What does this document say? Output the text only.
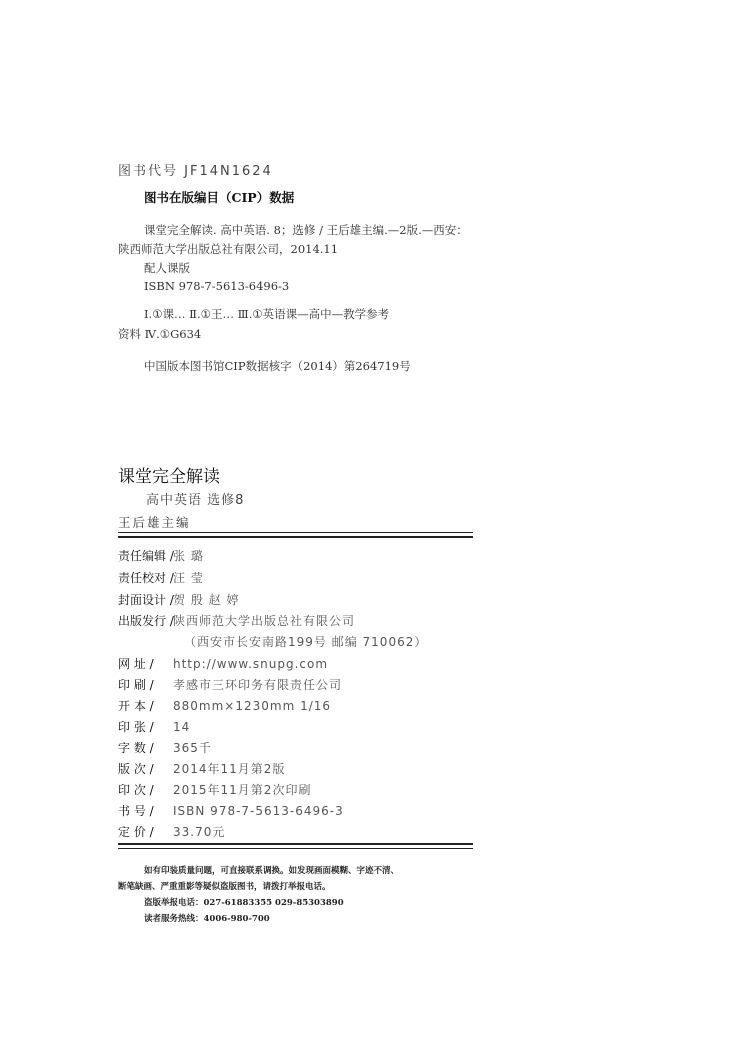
图书代号 JF14N1624
图书在版编目（CIP）数据
课堂完全解读. 高中英语. 8；选修 / 王后雄主编.—2版.—西安：
陕西师范大学出版总社有限公司，2014.11
配人课版
ISBN 978-7-5613-6496-3
Ⅰ.①课… Ⅱ.①王… Ⅲ.①英语课—高中—教学参考
资料 Ⅳ.①G634
中国版本图书馆CIP数据核字（2014）第264719号
课堂完全解读
高中英语 选修8
王后雄主编
责任编辑 / 张 璐
责任校对 / 汪 莹
封面设计 / 贺 殷 赵 婷
出版发行 / 陕西师范大学出版总社有限公司
（西安市长安南路199号 邮编 710062）
网 址 /	http://www.snupg.com
印 刷 /	孝感市三环印务有限责任公司
开 本 /	880mm×1230mm 1/16
印 张 /	14
字 数 /	365千
版 次 /	2014年11月第2版
印 次 /	2015年11月第2次印刷
书 号 /	ISBN 978-7-5613-6496-3
定 价 /	33.70元
如有印装质量问题，可直接联系调换。如发现画面模糊、字迹不清、
断笔缺画、严重重影等疑似盗版图书，请拨打举报电话。
盗版举报电话：027-61883355 029-85303890
读者服务热线：4006-980-700
